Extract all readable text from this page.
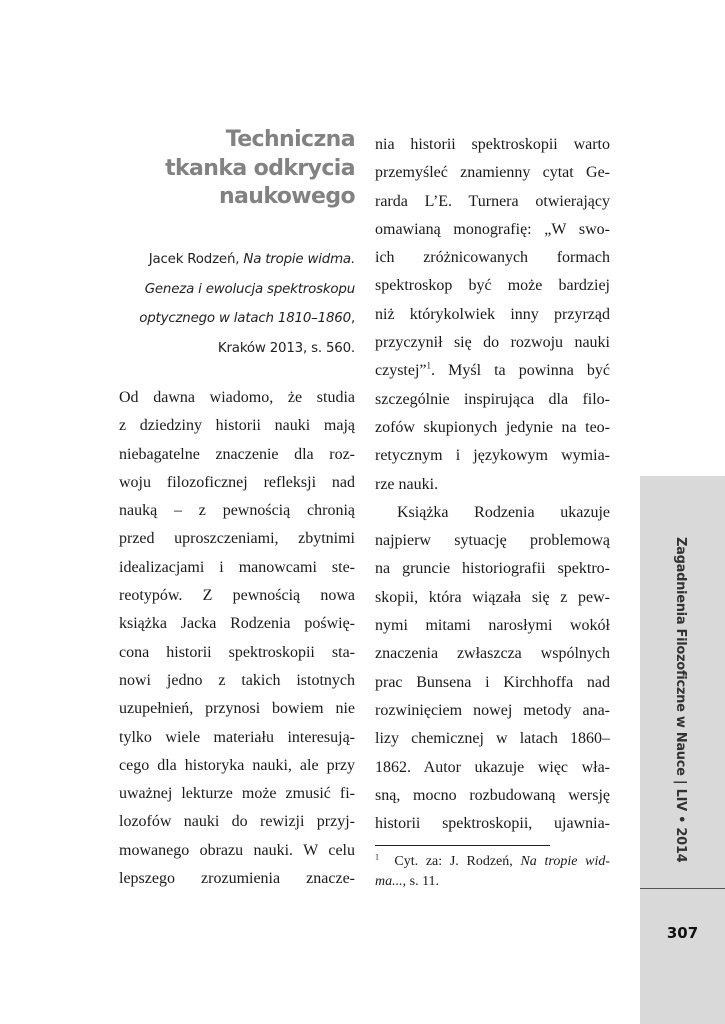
Techniczna
tkanka odkrycia
naukowego
Jacek Rodzeń, Na tropie widma.
Geneza i ewolucja spektroskopu
optycznego w latach 1810–1860,
Kraków 2013, s. 560.
Od dawna wiadomo, że studia
z dziedziny historii nauki mają
niebagatelne znaczenie dla roz-
woju filozoficznej refleksji nad
nauką – z pewnością chronią
przed uproszczeniami, zbytnimi
idealizacjami i manowcami ste-
reotypów. Z pewnością nowa
książka Jacka Rodzenia poświę-
cona historii spektroskopii sta-
nowi jedno z takich istotnych
uzupełnień, przynosi bowiem nie
tylko wiele materiału interesują-
cego dla historyka nauki, ale przy
uważnej lekturze może zmusić fi-
lozofów nauki do rewizji przyj-
mowanego obrazu nauki. W celu
lepszego zrozumienia znacze-
nia historii spektroskopii warto
przemyśleć znamienny cytat Ge-
rarda L’E. Turnera otwierający
omawianą monografię: „W swo-
ich zróżnicowanych formach
spektroskop być może bardziej
niż którykolwiek inny przyrząd
przyczynił się do rozwoju nauki
czystej”$^1$. Myśl ta powinna być
szczególnie inspirująca dla filo-
zofów skupionych jedynie na teo-
retycznym i językowym wymia-
rze nauki.
Książka Rodzenia ukazuje
najpierw sytuację problemową
na gruncie historiografii spektro-
skopii, która wiązała się z pew-
nymi mitami narosłymi wokół
znaczenia zwłaszcza wspólnych
prac Bunsena i Kirchhoffa nad
rozwinięciem nowej metody ana-
lizy chemicznej w latach 1860–
1862. Autor ukazuje więc wła-
sną, mocno rozbudowaną wersję
historii spektroskopii, ujawnia-
$^1$ Cyt. za: J. Rodzeń, Na tropie wid-
ma..., s. 11.
Zagadnienia Filozoficzne w Nauce | LIV • 2014
307
